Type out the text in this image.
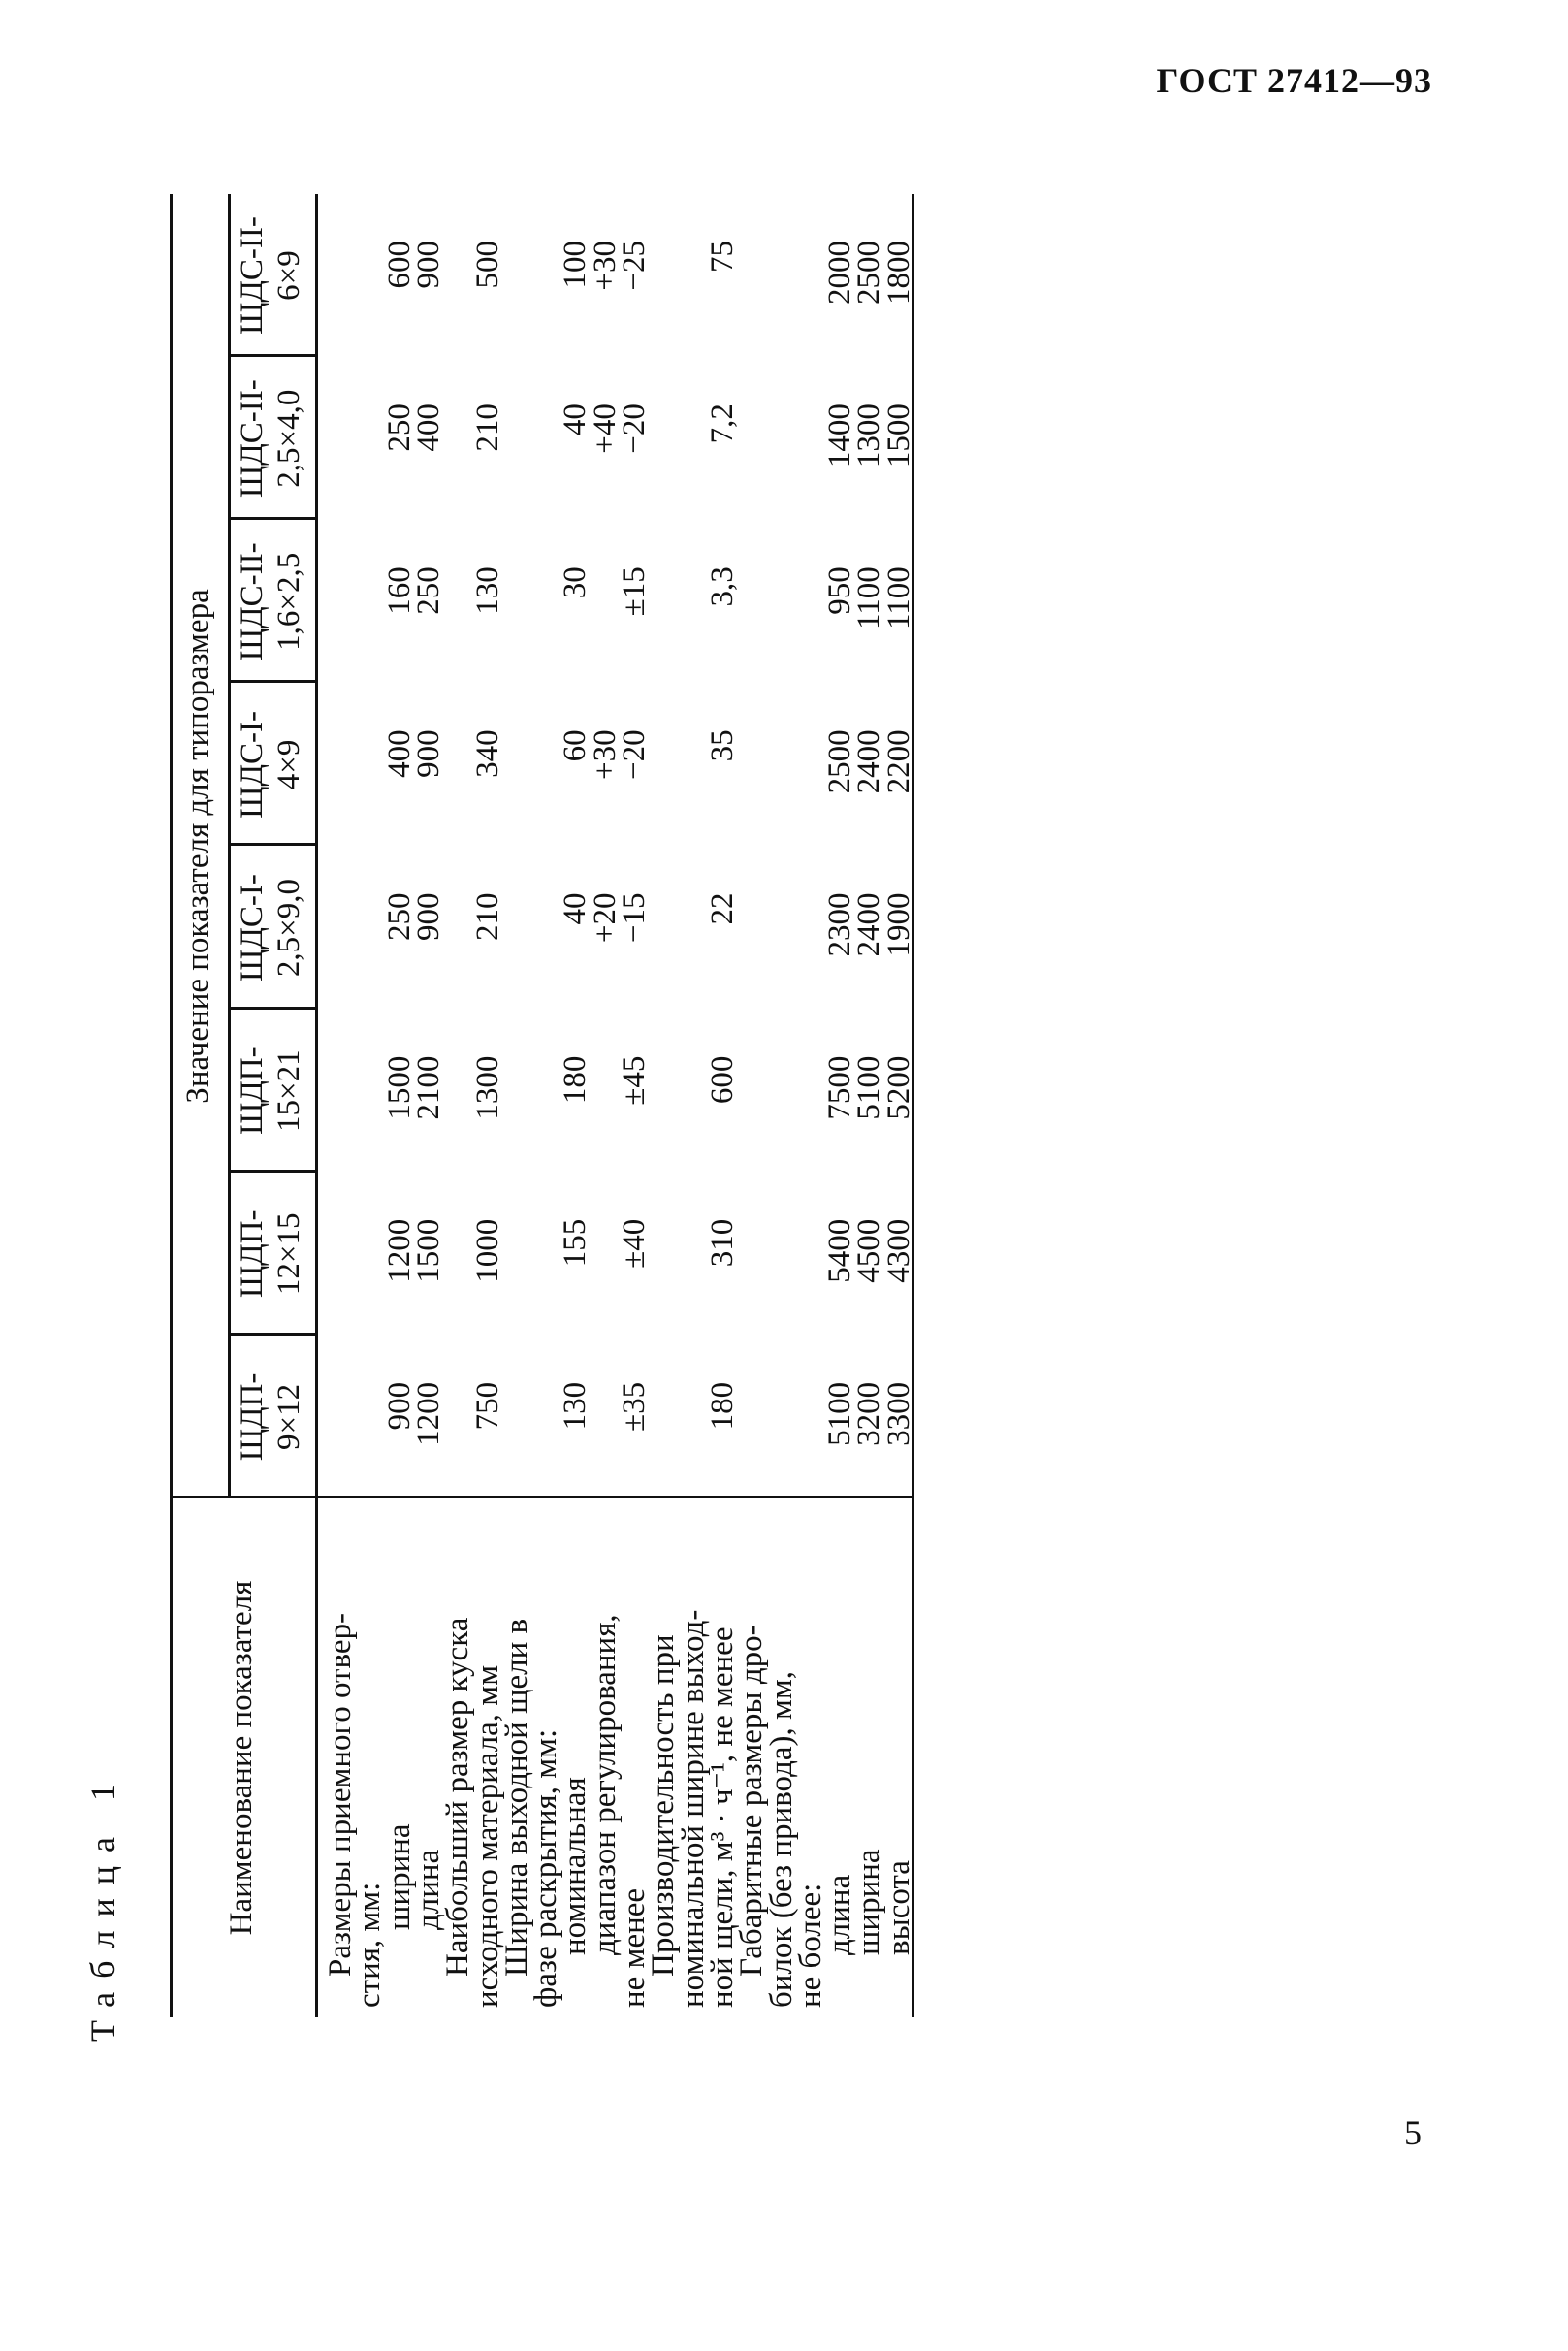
ГОСТ 27412—93
Таблица 1	Наименование показателя
Значение показателя для типоразмера
ЩДП- 9×12
ЩДП- 12×15
ЩДП- 15×21
ЩДС-I- 2,5×9,0
ЩДС-I- 4×9
ЩДС-II- 1,6×2,5
ЩДС-II- 2,5×4,0
ЩДС-II- 6×9
Размеры приемного отвер-
стия, мм:
ширина
длина
Наибольший размер куска
исходного материала, мм
Ширина выходной щели в
фазе раскрытия, мм:
номинальная
диапазон регулирования,
не менее
Производительность при
номинальной ширине выход-
ной щели, м³ · ч⁻¹, не менее
Габаритные размеры дро-
билок (без привода), мм,
не более:
длина
ширина
высота
900
1200
1500
250
400
160
250
600
1200
1500
2100
900
900
250
400
900
750
1000
1300
210
340
130
210
500
130
155
180
40
60
30
40
100
+20
+30
+40
+30
±35
±40
±45
−15
−20
±15
−20
−25
180
310
600
22
35
3,3
7,2
75
5100
5400
7500
2300
2500
950
1400
2000
3200
4500
5100
2400
2400
1100
1300
2500
3300
4300
5200
1900
2200
1100
1500
1800
5
